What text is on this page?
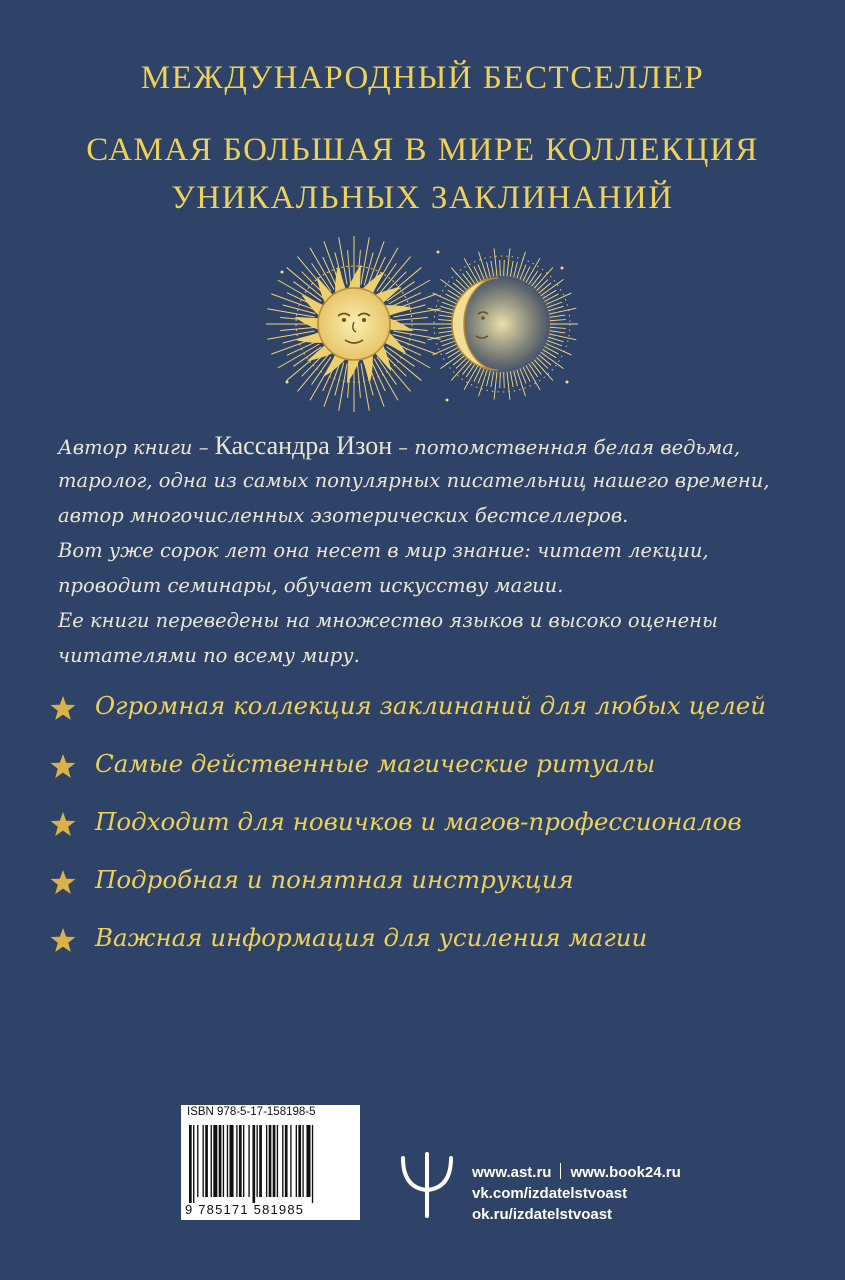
МЕЖДУНАРОДНЫЙ БЕСТСЕЛЛЕР
САМАЯ БОЛЬШАЯ В МИРЕ КОЛЛЕКЦИЯ
УНИКАЛЬНЫХ ЗАКЛИНАНИЙ
Автор книги – Кассандра Изон – потомственная белая ведьма,
таролог, одна из самых популярных писательниц нашего времени,
автор многочисленных эзотерических бестселлеров.
Вот уже сорок лет она несет в мир знание: читает лекции,
проводит семинары, обучает искусству магии.
Ее книги переведены на множество языков и высоко оценены
читателями по всему миру.
Огромная коллекция заклинаний для любых целей
Самые действенные магические ритуалы
Подходит для новичков и магов-профессионалов
Подробная и понятная инструкция
Важная информация для усиления магии
ISBN 978-5-17-158198-5
9 785171 581985
www.ast.ru www.book24.ru
vk.com/izdatelstvoast
ok.ru/izdatelstvoast
